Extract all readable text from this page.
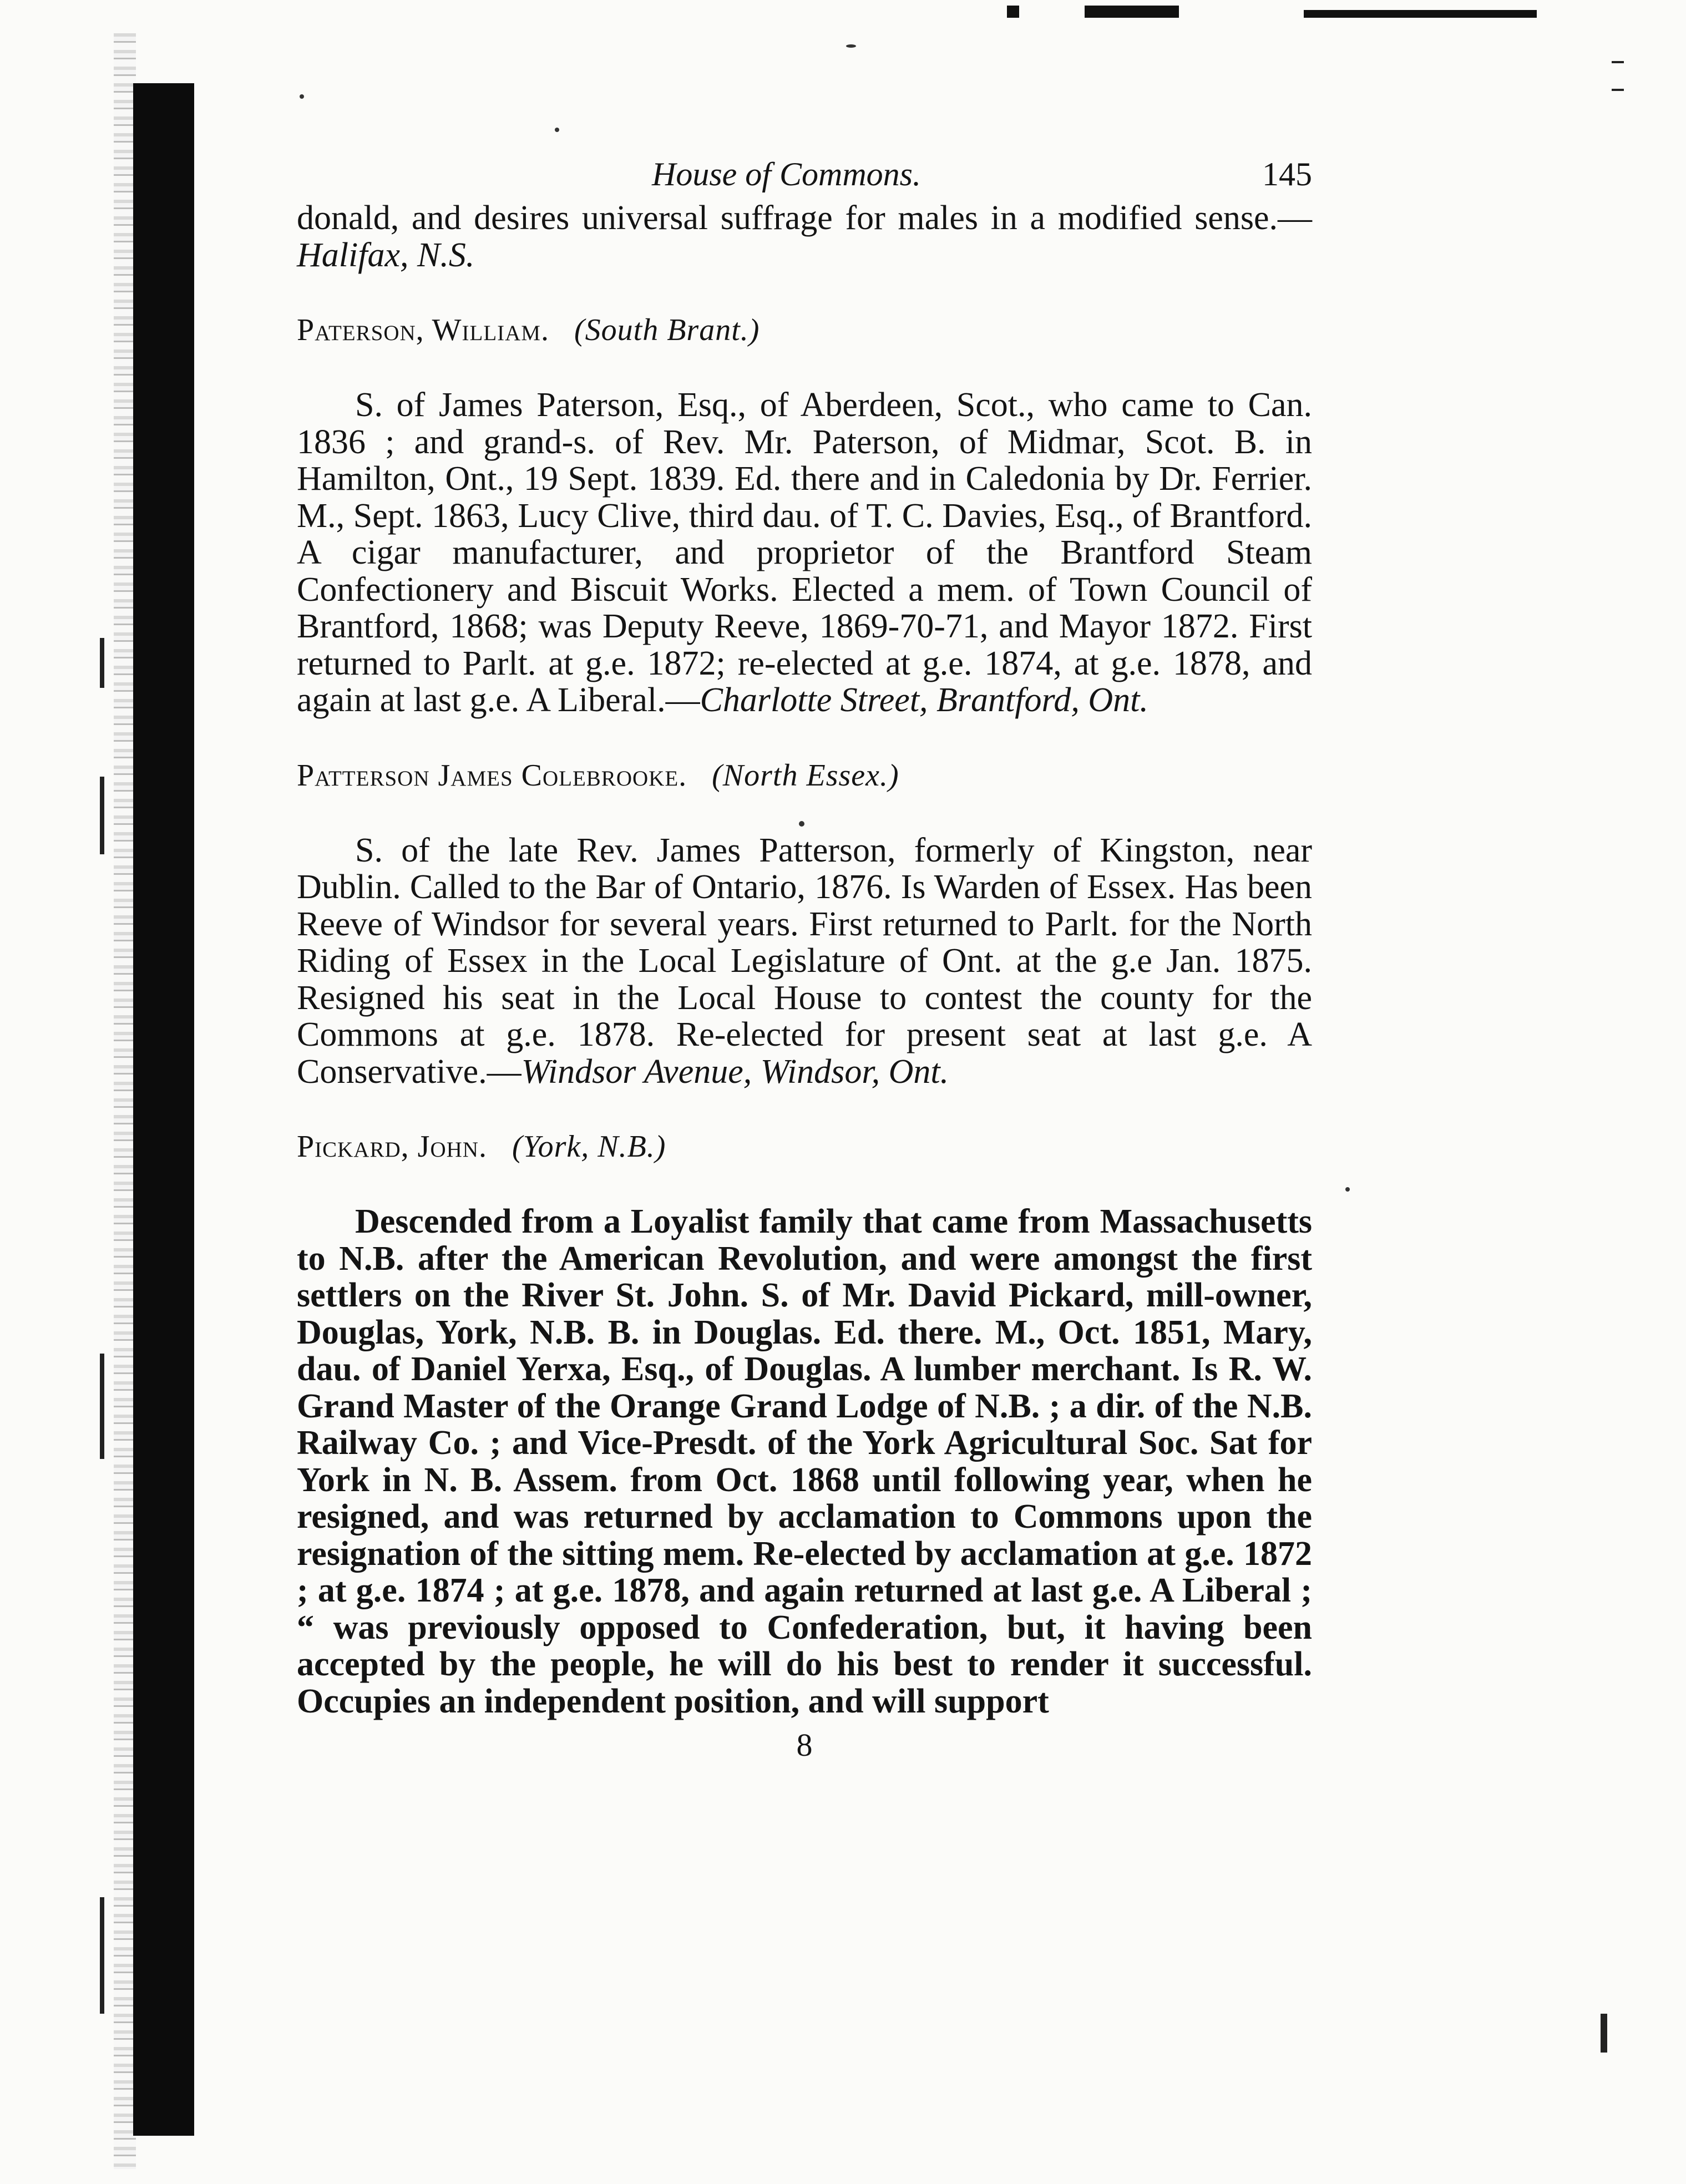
House of Commons.	145

donald, and desires universal suffrage for males in a modified sense.—Halifax, N.S.

Paterson, William. (South Brant.)

S. of James Paterson, Esq., of Aberdeen, Scot., who came to Can. 1836 ; and grand-s. of Rev. Mr. Paterson, of Midmar, Scot. B. in Hamilton, Ont., 19 Sept. 1839. Ed. there and in Caledonia by Dr. Ferrier. M., Sept. 1863, Lucy Clive, third dau. of T. C. Davies, Esq., of Brantford. A cigar manufacturer, and proprietor of the Brantford Steam Confectionery and Biscuit Works. Elected a mem. of Town Council of Brantford, 1868; was Deputy Reeve, 1869-70-71, and Mayor 1872. First returned to Parlt. at g.e. 1872; re-elected at g.e. 1874, at g.e. 1878, and again at last g.e. A Liberal.—Charlotte Street, Brantford, Ont.

Patterson James Colebrooke. (North Essex.)

S. of the late Rev. James Patterson, formerly of Kingston, near Dublin. Called to the Bar of Ontario, 1876. Is Warden of Essex. Has been Reeve of Windsor for several years. First returned to Parlt. for the North Riding of Essex in the Local Legislature of Ont. at the g.e Jan. 1875. Resigned his seat in the Local House to contest the county for the Commons at g.e. 1878. Re-elected for present seat at last g.e. A Conservative.—Windsor Avenue, Windsor, Ont.

Pickard, John. (York, N.B.)

Descended from a Loyalist family that came from Massachusetts to N.B. after the American Revolution, and were amongst the first settlers on the River St. John. S. of Mr. David Pickard, mill-owner, Douglas, York, N.B. B. in Douglas. Ed. there. M., Oct. 1851, Mary, dau. of Daniel Yerxa, Esq., of Douglas. A lumber merchant. Is R. W. Grand Master of the Orange Grand Lodge of N.B. ; a dir. of the N.B. Railway Co. ; and Vice-Presdt. of the York Agricultural Soc. Sat for York in N. B. Assem. from Oct. 1868 until following year, when he resigned, and was returned by acclamation to Commons upon the resignation of the sitting mem. Re-elected by acclamation at g.e. 1872 ; at g.e. 1874 ; at g.e. 1878, and again returned at last g.e. A Liberal ; “ was previously opposed to Confederation, but, it having been accepted by the people, he will do his best to render it successful. Occupies an independent position, and will support

8
